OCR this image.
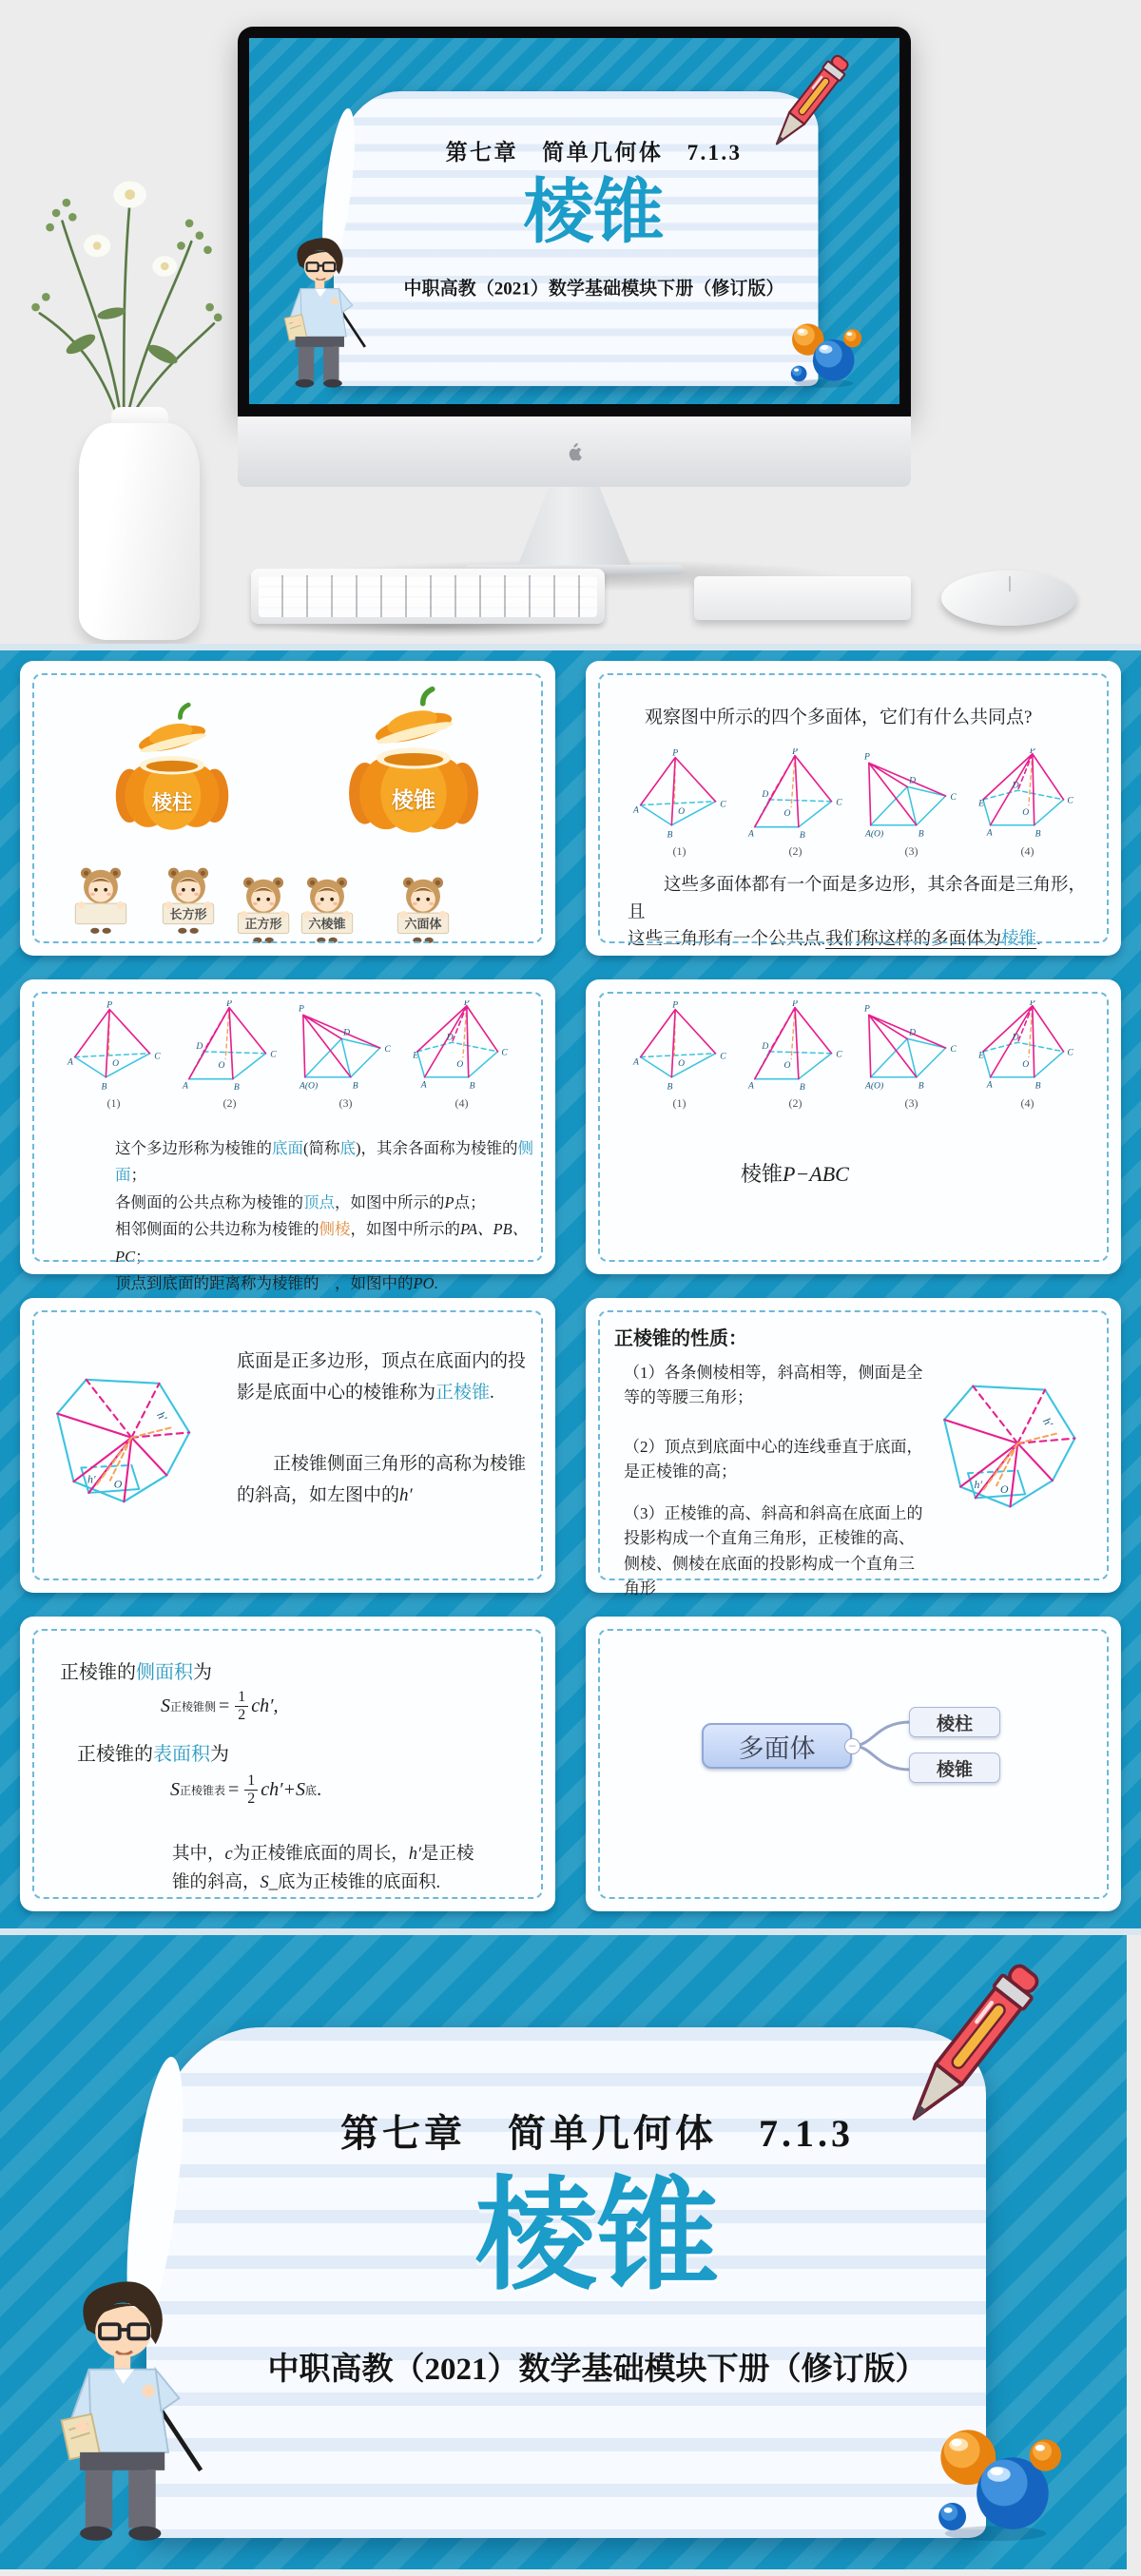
第七章　简单几何体　7.1.3
棱锥
中职高教（2021）数学基础模块下册（修订版）
棱柱	棱锥
长方形
正方形	六棱锥	六面体
观察图中所示的四个多面体，它们有什么共同点?
(1)	(2)	(3)	(4)
这些多面体都有一个面是多边形，其余各面是三角形，且
这些三角形有一个公共点.我们称这样的多面体为棱锥.
(1)	(2)	(3)	(4)
这个多边形称为棱锥的底面(简称底)，其余各面称为棱锥的侧面；
各侧面的公共点称为棱锥的顶点，如图中所示的P点；
相邻侧面的公共边称为棱锥的侧棱，如图中所示的PA、PB、PC；
顶点到底面的距离称为棱锥的高，如图中的PO.
(1)	(2)	(3)	(4)
棱锥P−ABC
底面是正多边形，顶点在底面内的投影是底面中心的棱锥称为正棱锥.
正棱锥侧面三角形的高称为棱锥的斜高，如左图中的h′
正棱锥的性质：
（1）各条侧棱相等，斜高相等，侧面是全等的等腰三角形；
（2）顶点到底面中心的连线垂直于底面，是正棱锥的高；
（3）正棱锥的高、斜高和斜高在底面上的投影构成一个直角三角形，正棱锥的高、侧棱、侧棱在底面的投影构成一个直角三角形
正棱锥的侧面积为
S 正棱锥侧 = $\frac{1}{2} ch'$,
正棱锥的表面积为
S 正棱锥表 = $\frac{1}{2} ch'+S$ 底 .
其中，c为正棱锥底面的周长，h′是正棱锥的斜高，S_底为正棱锥的底面积.
多面体	–
棱柱
棱锥
第七章　简单几何体　7.1.3
棱锥
中职高教（2021）数学基础模块下册（修订版）
